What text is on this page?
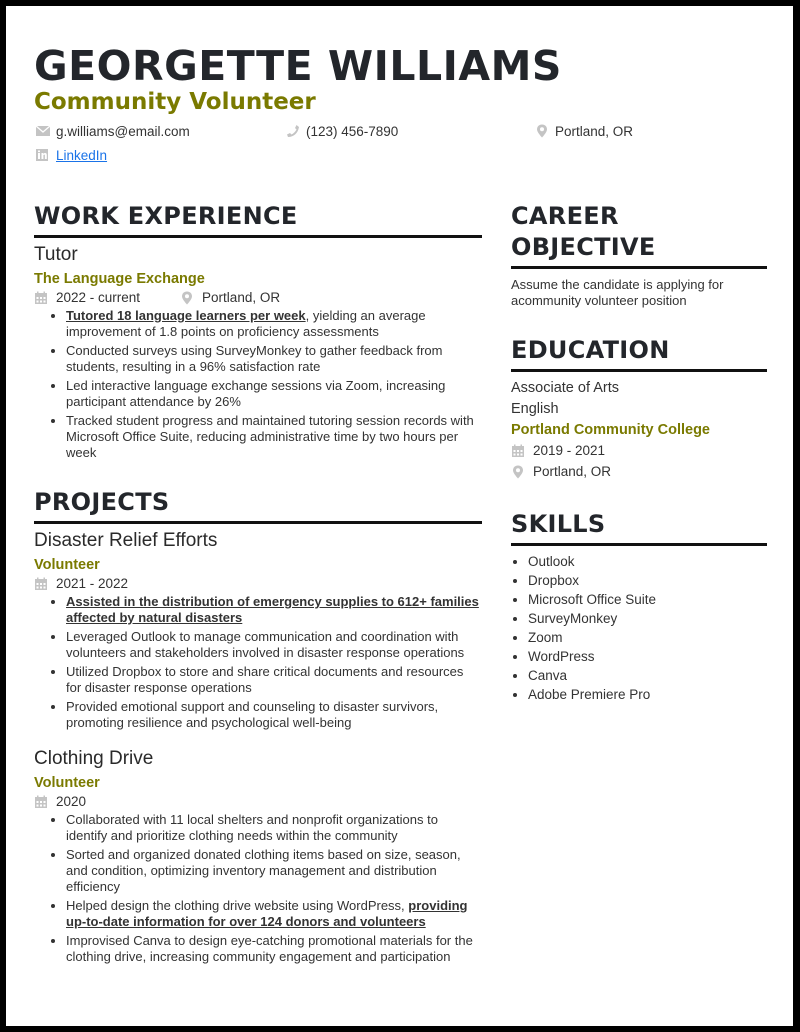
GEORGETTE WILLIAMS
Community Volunteer
g.williams@email.com	(123) 456-7890	Portland, OR
LinkedIn
WORK EXPERIENCE
Tutor
The Language Exchange
2022 - current	Portland, OR
• Tutored 18 language learners per week, yielding an average improvement of 1.8 points on proficiency assessments
• Conducted surveys using SurveyMonkey to gather feedback from students, resulting in a 96% satisfaction rate
• Led interactive language exchange sessions via Zoom, increasing participant attendance by 26%
• Tracked student progress and maintained tutoring session records with Microsoft Office Suite, reducing administrative time by two hours per week
PROJECTS
Disaster Relief Efforts
Volunteer
2021 - 2022
• Assisted in the distribution of emergency supplies to 612+ families affected by natural disasters
• Leveraged Outlook to manage communication and coordination with volunteers and stakeholders involved in disaster response operations
• Utilized Dropbox to store and share critical documents and resources for disaster response operations
• Provided emotional support and counseling to disaster survivors, promoting resilience and psychological well-being
Clothing Drive
Volunteer
2020
• Collaborated with 11 local shelters and nonprofit organizations to identify and prioritize clothing needs within the community
• Sorted and organized donated clothing items based on size, season, and condition, optimizing inventory management and distribution efficiency
• Helped design the clothing drive website using WordPress, providing up-to-date information for over 124 donors and volunteers
• Improvised Canva to design eye-catching promotional materials for the clothing drive, increasing community engagement and participation
CAREER
OBJECTIVE
Assume the candidate is applying for acommunity volunteer position
EDUCATION
Associate of Arts
English
Portland Community College
2019 - 2021
Portland, OR
SKILLS
• Outlook
• Dropbox
• Microsoft Office Suite
• SurveyMonkey
• Zoom
• WordPress
• Canva
• Adobe Premiere Pro
